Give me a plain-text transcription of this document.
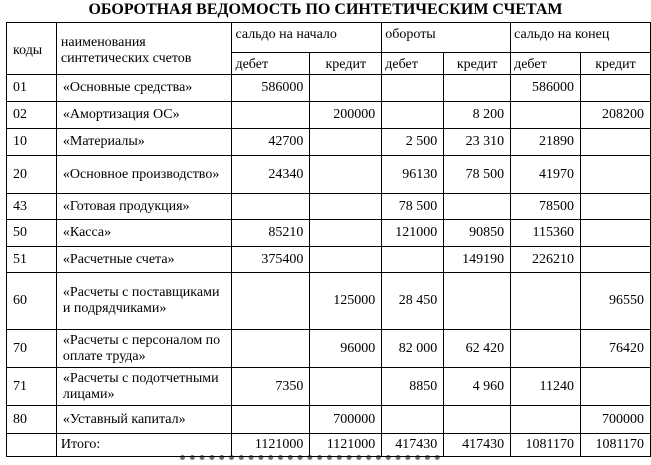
ОБОРОТНАЯ ВЕДОМОСТЬ ПО СИНТЕТИЧЕСКИМ СЧЕТАМ
коды	наименования синтетических счетов	сальдо на начало		обороты		сальдо на конец	
		дебет	кредит	дебет	кредит	дебет	кредит
01	«Основные средства»	586000				586000	
02	«Амортизация ОС»		200000		8 200		208200
10	«Материалы»	42700		2 500	23 310	21890	
20	«Основное производство»	24340		96130	78 500	41970	
43	«Готовая продукция»			78 500		78500	
50	«Касса»	85210		121000	90850	115360	
51	«Расчетные счета»	375400			149190	226210	
60	«Расчеты с поставщиками и подрядчиками»		125000	28 450			96550
70	«Расчеты с персоналом по оплате труда»		96000	82 000	62 420		76420
71	«Расчеты с подотчетными лицами»	7350		8850	4 960	11240	
80	«Уставный капитал»		700000				700000
	Итого:	1121000	1121000	417430	417430	1081170	1081170
